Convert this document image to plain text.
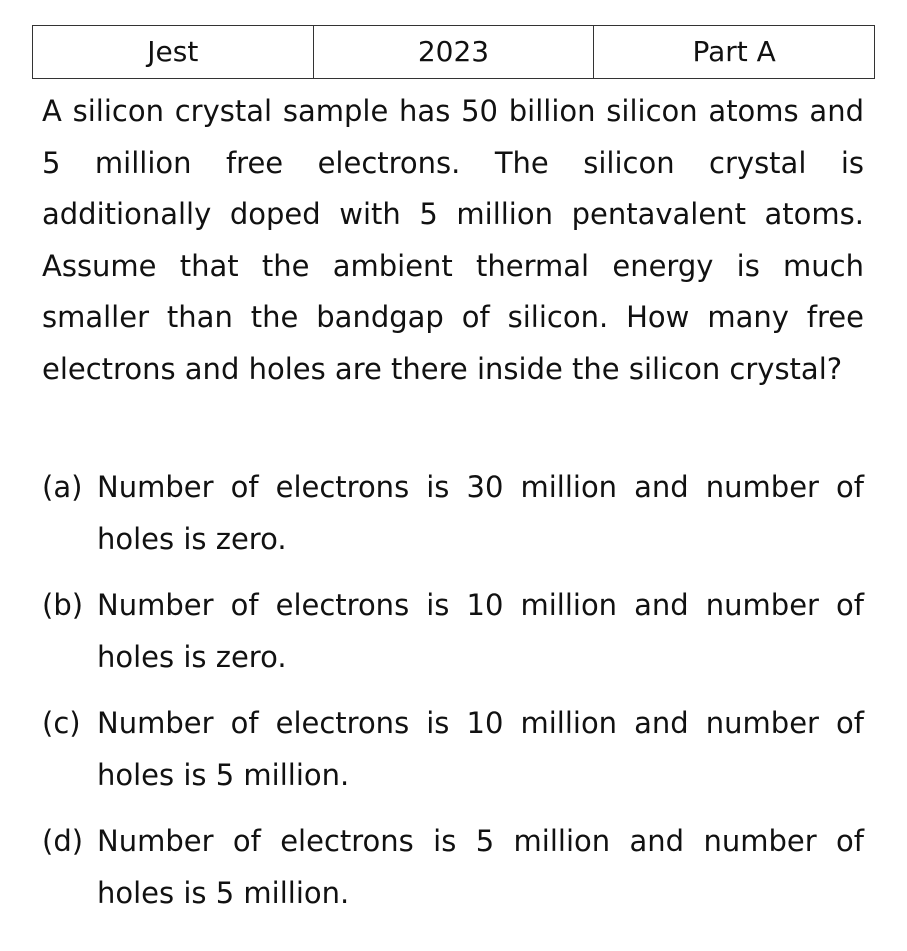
Jest	2023	Part A

A silicon crystal sample has 50 billion silicon atoms and 5 million free electrons. The silicon crystal is additionally doped with 5 million pentavalent atoms. Assume that the ambient thermal energy is much smaller than the bandgap of silicon. How many free electrons and holes are there inside the silicon crystal?

(a) Number of electrons is 30 million and number of holes is zero.
(b) Number of electrons is 10 million and number of holes is zero.
(c) Number of electrons is 10 million and number of holes is 5 million.
(d) Number of electrons is 5 million and number of holes is 5 million.
